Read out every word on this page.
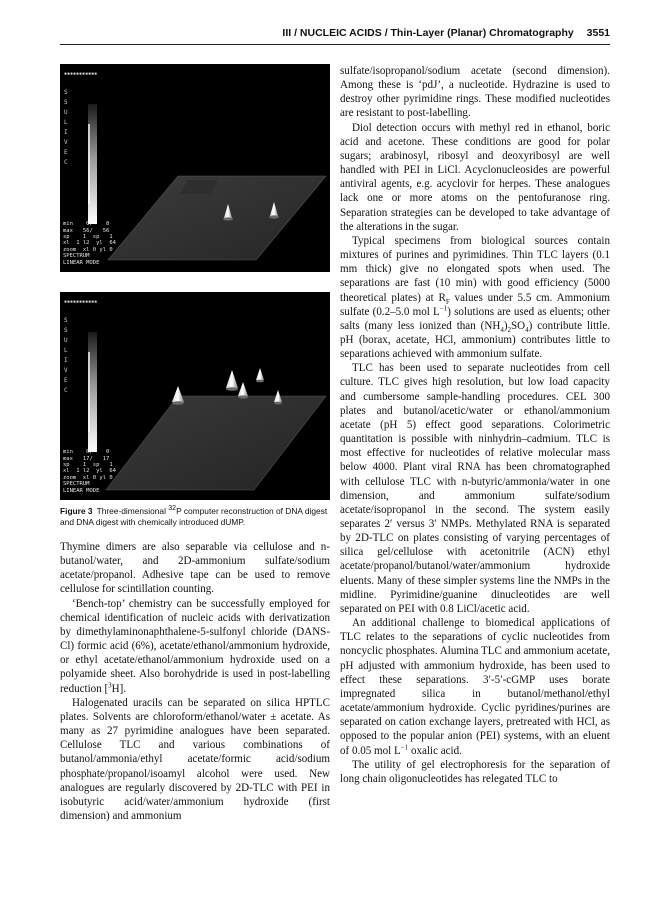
III / NUCLEIC ACIDS / Thin-Layer (Planar) Chromatography 3551
S
S
U
L
I
V
E
C
▪▪▪▪▪▪▪▪▪▪▪
min    0/    0
max   56/   56
sp    1  sp   1
xl  1 l2  yl  64
zoom  xl 0 yl 0
SPECTRUM
LINEAR MODE
S
S
U
L
I
V
E
C
▪▪▪▪▪▪▪▪▪▪▪
min    0/    0
max   17/   17
sp    1  sp   1
xl  1 l2  yl  64
zoom  xl 0 yl 0
SPECTRUM
LINEAR MODE
Figure 3 Three-dimensional $^{32}$P computer reconstruction of DNA digest and DNA digest with chemically introduced dUMP.

Thymine dimers are also separable via cellulose and n-butanol/water, and 2D-ammonium sulfate/sodium acetate/propanol. Adhesive tape can be used to remove cellulose for scintillation counting.

‘Bench-top’ chemistry can be successfully employed for chemical identification of nucleic acids with derivatization by dimethylaminonaphthalene-5-sulfonyl chloride (DANS-Cl) formic acid (6%), acetate/ethanol/ammonium hydroxide, or ethyl acetate/ethanol/ammonium hydroxide used on a polyamide sheet. Also borohydride is used in post-labelling reduction [$^3$H].

Halogenated uracils can be separated on silica HPTLC plates. Solvents are chloroform/ethanol/water ± acetate. As many as 27 pyrimidine analogues have been separated. Cellulose TLC and various combinations of butanol/ammonia/ethyl acetate/formic acid/sodium phosphate/propanol/isoamyl alcohol were used. New analogues are regularly discovered by 2D-TLC with PEI in isobutyric acid/water/ammonium hydroxide (first dimension) and ammonium

sulfate/isopropanol/sodium acetate (second dimension). Among these is ‘pdJ’, a nucleotide. Hydrazine is used to destroy other pyrimidine rings. These modified nucleotides are resistant to post-labelling.

Diol detection occurs with methyl red in ethanol, boric acid and acetone. These conditions are good for polar sugars; arabinosyl, ribosyl and deoxyribosyl are well handled with PEI in LiCl. Acyclonucleosides are powerful antiviral agents, e.g. acyclovir for herpes. These analogues lack one or more atoms on the pentofuranose ring. Separation strategies can be developed to take advantage of the alterations in the sugar.

Typical specimens from biological sources contain mixtures of purines and pyrimidines. Thin TLC layers (0.1 mm thick) give no elongated spots when used. The separations are fast (10 min) with good efficiency (5000 theoretical plates) at $R_F$ values under 5.5 cm. Ammonium sulfate (0.2–5.0 mol $L^{-1}$) solutions are used as eluents; other salts (many less ionized than $(NH_4)_2SO_4$) contribute little. pH (borax, acetate, HCl, ammonium) contributes little to separations achieved with ammonium sulfate.

TLC has been used to separate nucleotides from cell culture. TLC gives high resolution, but low load capacity and cumbersome sample-handling procedures. CEL 300 plates and butanol/acetic/water or ethanol/ammonium acetate (pH 5) effect good separations. Colorimetric quantitation is possible with ninhydrin–cadmium. TLC is most effective for nucleotides of relative molecular mass below 4000. Plant viral RNA has been chromatographed with cellulose TLC with n-butyric/ammonia/water in one dimension, and ammonium sulfate/sodium acetate/isopropanol in the second. The system easily separates 2′ versus 3′ NMPs. Methylated RNA is separated by 2D-TLC on plates consisting of varying percentages of silica gel/cellulose with acetonitrile (ACN) ethyl acetate/propanol/butanol/water/ammonium hydroxide eluents. Many of these simpler systems line the NMPs in the midline. Pyrimidine/guanine dinucleotides are well separated on PEI with 0.8 LiCl/acetic acid.

An additional challenge to biomedical applications of TLC relates to the separations of cyclic nucleotides from noncyclic phosphates. Alumina TLC and ammonium acetate, pH adjusted with ammonium hydroxide, has been used to effect these separations. 3′-5′-cGMP uses borate impregnated silica in butanol/methanol/ethyl acetate/ammonium hydroxide. Cyclic pyridines/purines are separated on cation exchange layers, pretreated with HCl, as opposed to the popular anion (PEI) systems, with an eluent of 0.05 mol $L^{-1}$ oxalic acid.

The utility of gel electrophoresis for the separation of long chain oligonucleotides has relegated TLC to
